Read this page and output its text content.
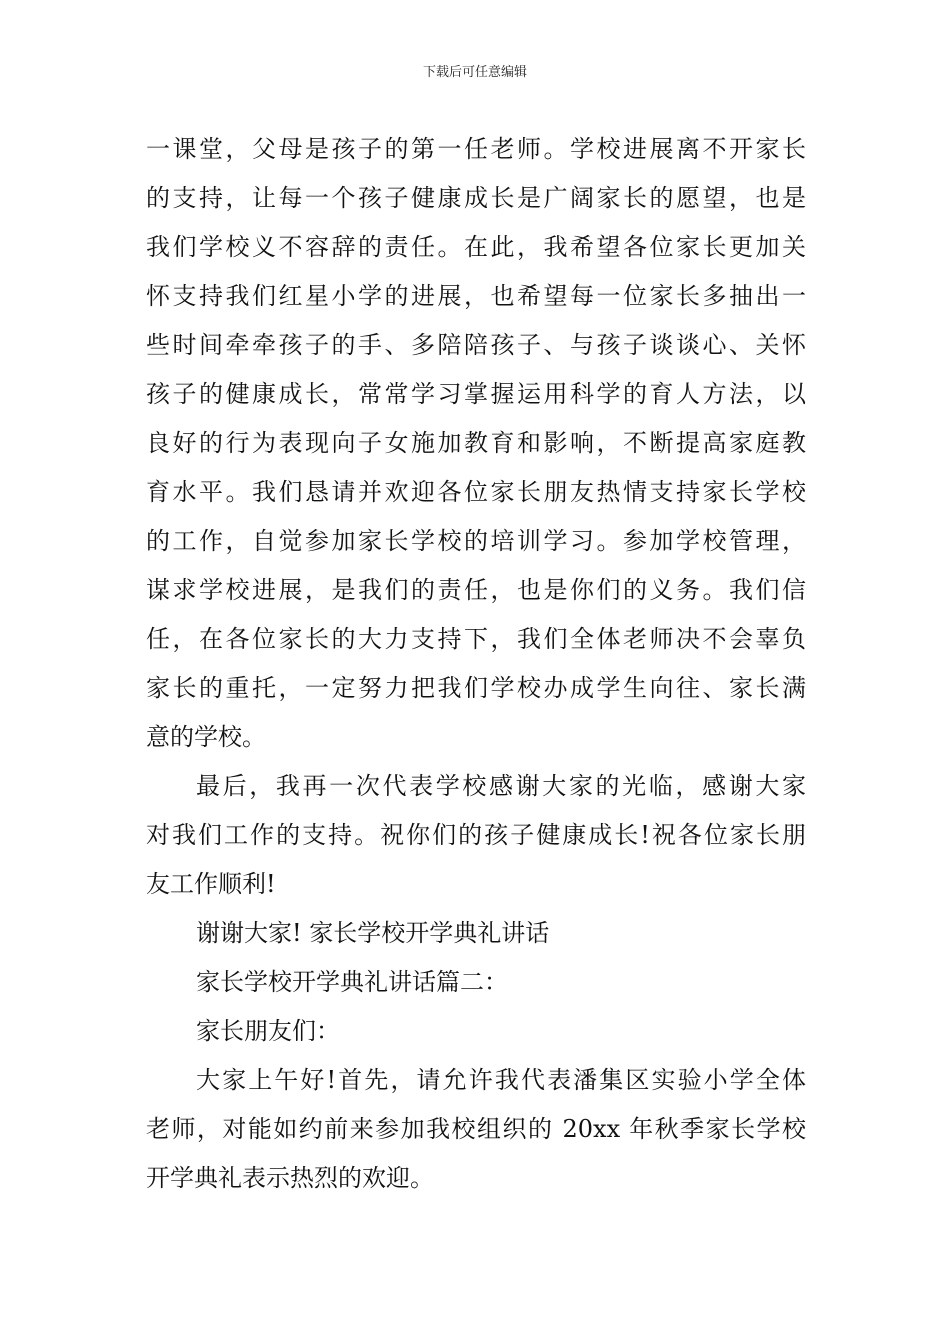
下载后可任意编辑
一课堂，父母是孩子的第一任老师。学校进展离不开家长
的支持，让每一个孩子健康成长是广阔家长的愿望，也是
我们学校义不容辞的责任。在此，我希望各位家长更加关
怀支持我们红星小学的进展，也希望每一位家长多抽出一
些时间牵牵孩子的手、多陪陪孩子、与孩子谈谈心、关怀
孩子的健康成长，常常学习掌握运用科学的育人方法，以
良好的行为表现向子女施加教育和影响，不断提高家庭教
育水平。我们恳请并欢迎各位家长朋友热情支持家长学校
的工作，自觉参加家长学校的培训学习。参加学校管理，
谋求学校进展，是我们的责任，也是你们的义务。我们信
任，在各位家长的大力支持下，我们全体老师决不会辜负
家长的重托，一定努力把我们学校办成学生向往、家长满
意的学校。
最后，我再一次代表学校感谢大家的光临，感谢大家
对我们工作的支持。祝你们的孩子健康成长!祝各位家长朋
友工作顺利!
谢谢大家! 家长学校开学典礼讲话
家长学校开学典礼讲话篇二：
家长朋友们：
大家上午好!首先，请允许我代表潘集区实验小学全体
老师，对能如约前来参加我校组织的 20xx 年秋季家长学校
开学典礼表示热烈的欢迎。
